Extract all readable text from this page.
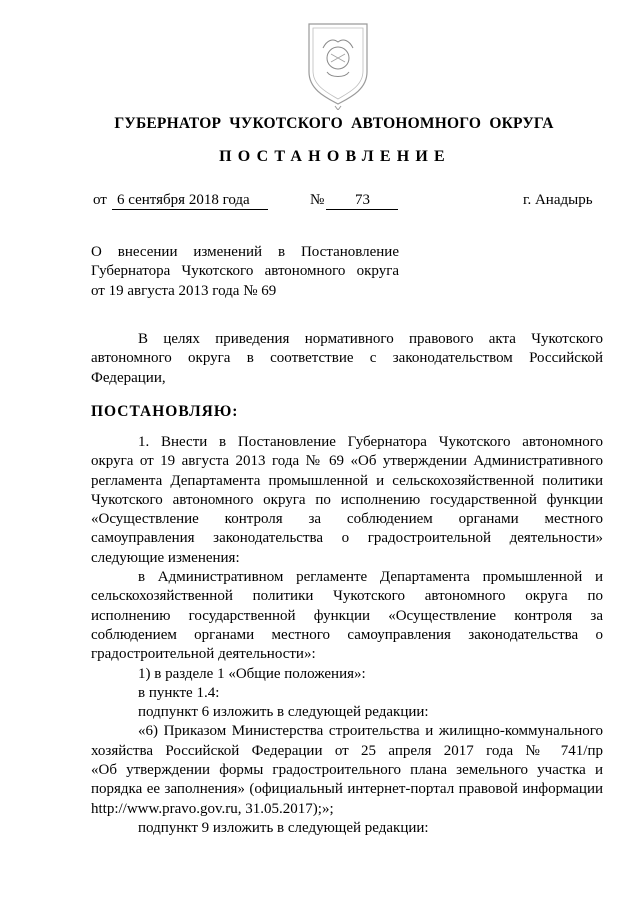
ГУБЕРНАТОР  ЧУКОТСКОГО  АВТОНОМНОГО  ОКРУГА
ПОСТАНОВЛЕНИЕ
от 6 сентября 2018 года	№	73	г. Анадырь
О внесении изменений в Постановление
Губернатора Чукотского автономного округа
от 19 августа 2013 года № 69
В целях приведения нормативного правового акта Чукотского
автономного округа в соответствие с законодательством Российской
Федерации,
ПОСТАНОВЛЯЮ:
1. Внести в Постановление Губернатора Чукотского автономного
округа от 19 августа 2013 года № 69 «Об утверждении Административного
регламента Департамента промышленной и сельскохозяйственной политики
Чукотского автономного округа по исполнению государственной функции
«Осуществление контроля за соблюдением органами местного
самоуправления законодательства о градостроительной деятельности»
следующие изменения:
в Административном регламенте Департамента промышленной и
сельскохозяйственной политики Чукотского автономного округа по
исполнению государственной функции «Осуществление контроля за
соблюдением органами местного самоуправления законодательства о
градостроительной деятельности»:
1) в разделе 1 «Общие положения»:
в пункте 1.4:
подпункт 6 изложить в следующей редакции:
«6) Приказом Министерства строительства и жилищно-коммунального
хозяйства Российской Федерации от 25 апреля 2017 года № 741/пр
«Об утверждении формы градостроительного плана земельного участка и
порядка ее заполнения» (официальный интернет-портал правовой информации
http://www.pravo.gov.ru, 31.05.2017);»;
подпункт 9 изложить в следующей редакции:
